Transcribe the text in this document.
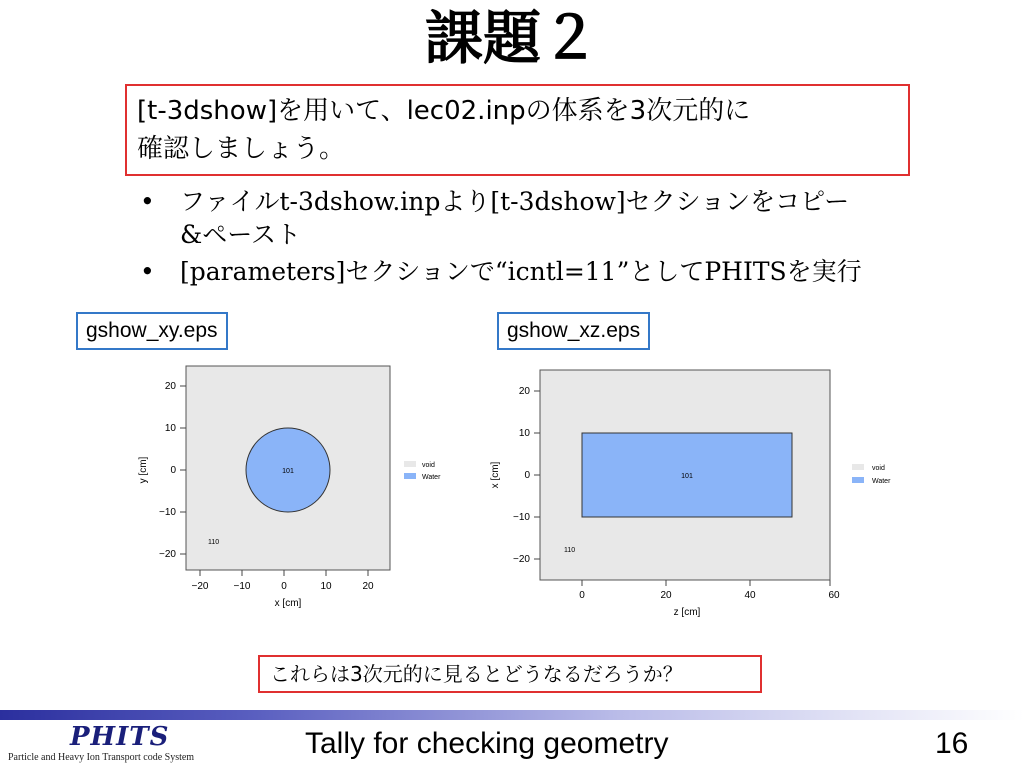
課題２
[t-3dshow]を用いて、lec02.inpの体系を3次元的に
確認しましょう。
• ファイルt-3dshow.inpより[t-3dshow]セクションをコピー
&ペースト
• [parameters]セクションで“icntl=11”としてPHITSを実行
gshow_xy.eps	gshow_xz.eps
101
110
−20	−10	0	10	20
20
10
0
−10
−20
x [cm]
y [cm]	void
Water	101
110
0	20	40	60
20
10
0
−10
−20
z [cm]
x [cm]	void
Water
これらは3次元的に見るとどうなるだろうか？
PHITS
Particle and Heavy Ion Transport code System	Tally for checking geometry	16
